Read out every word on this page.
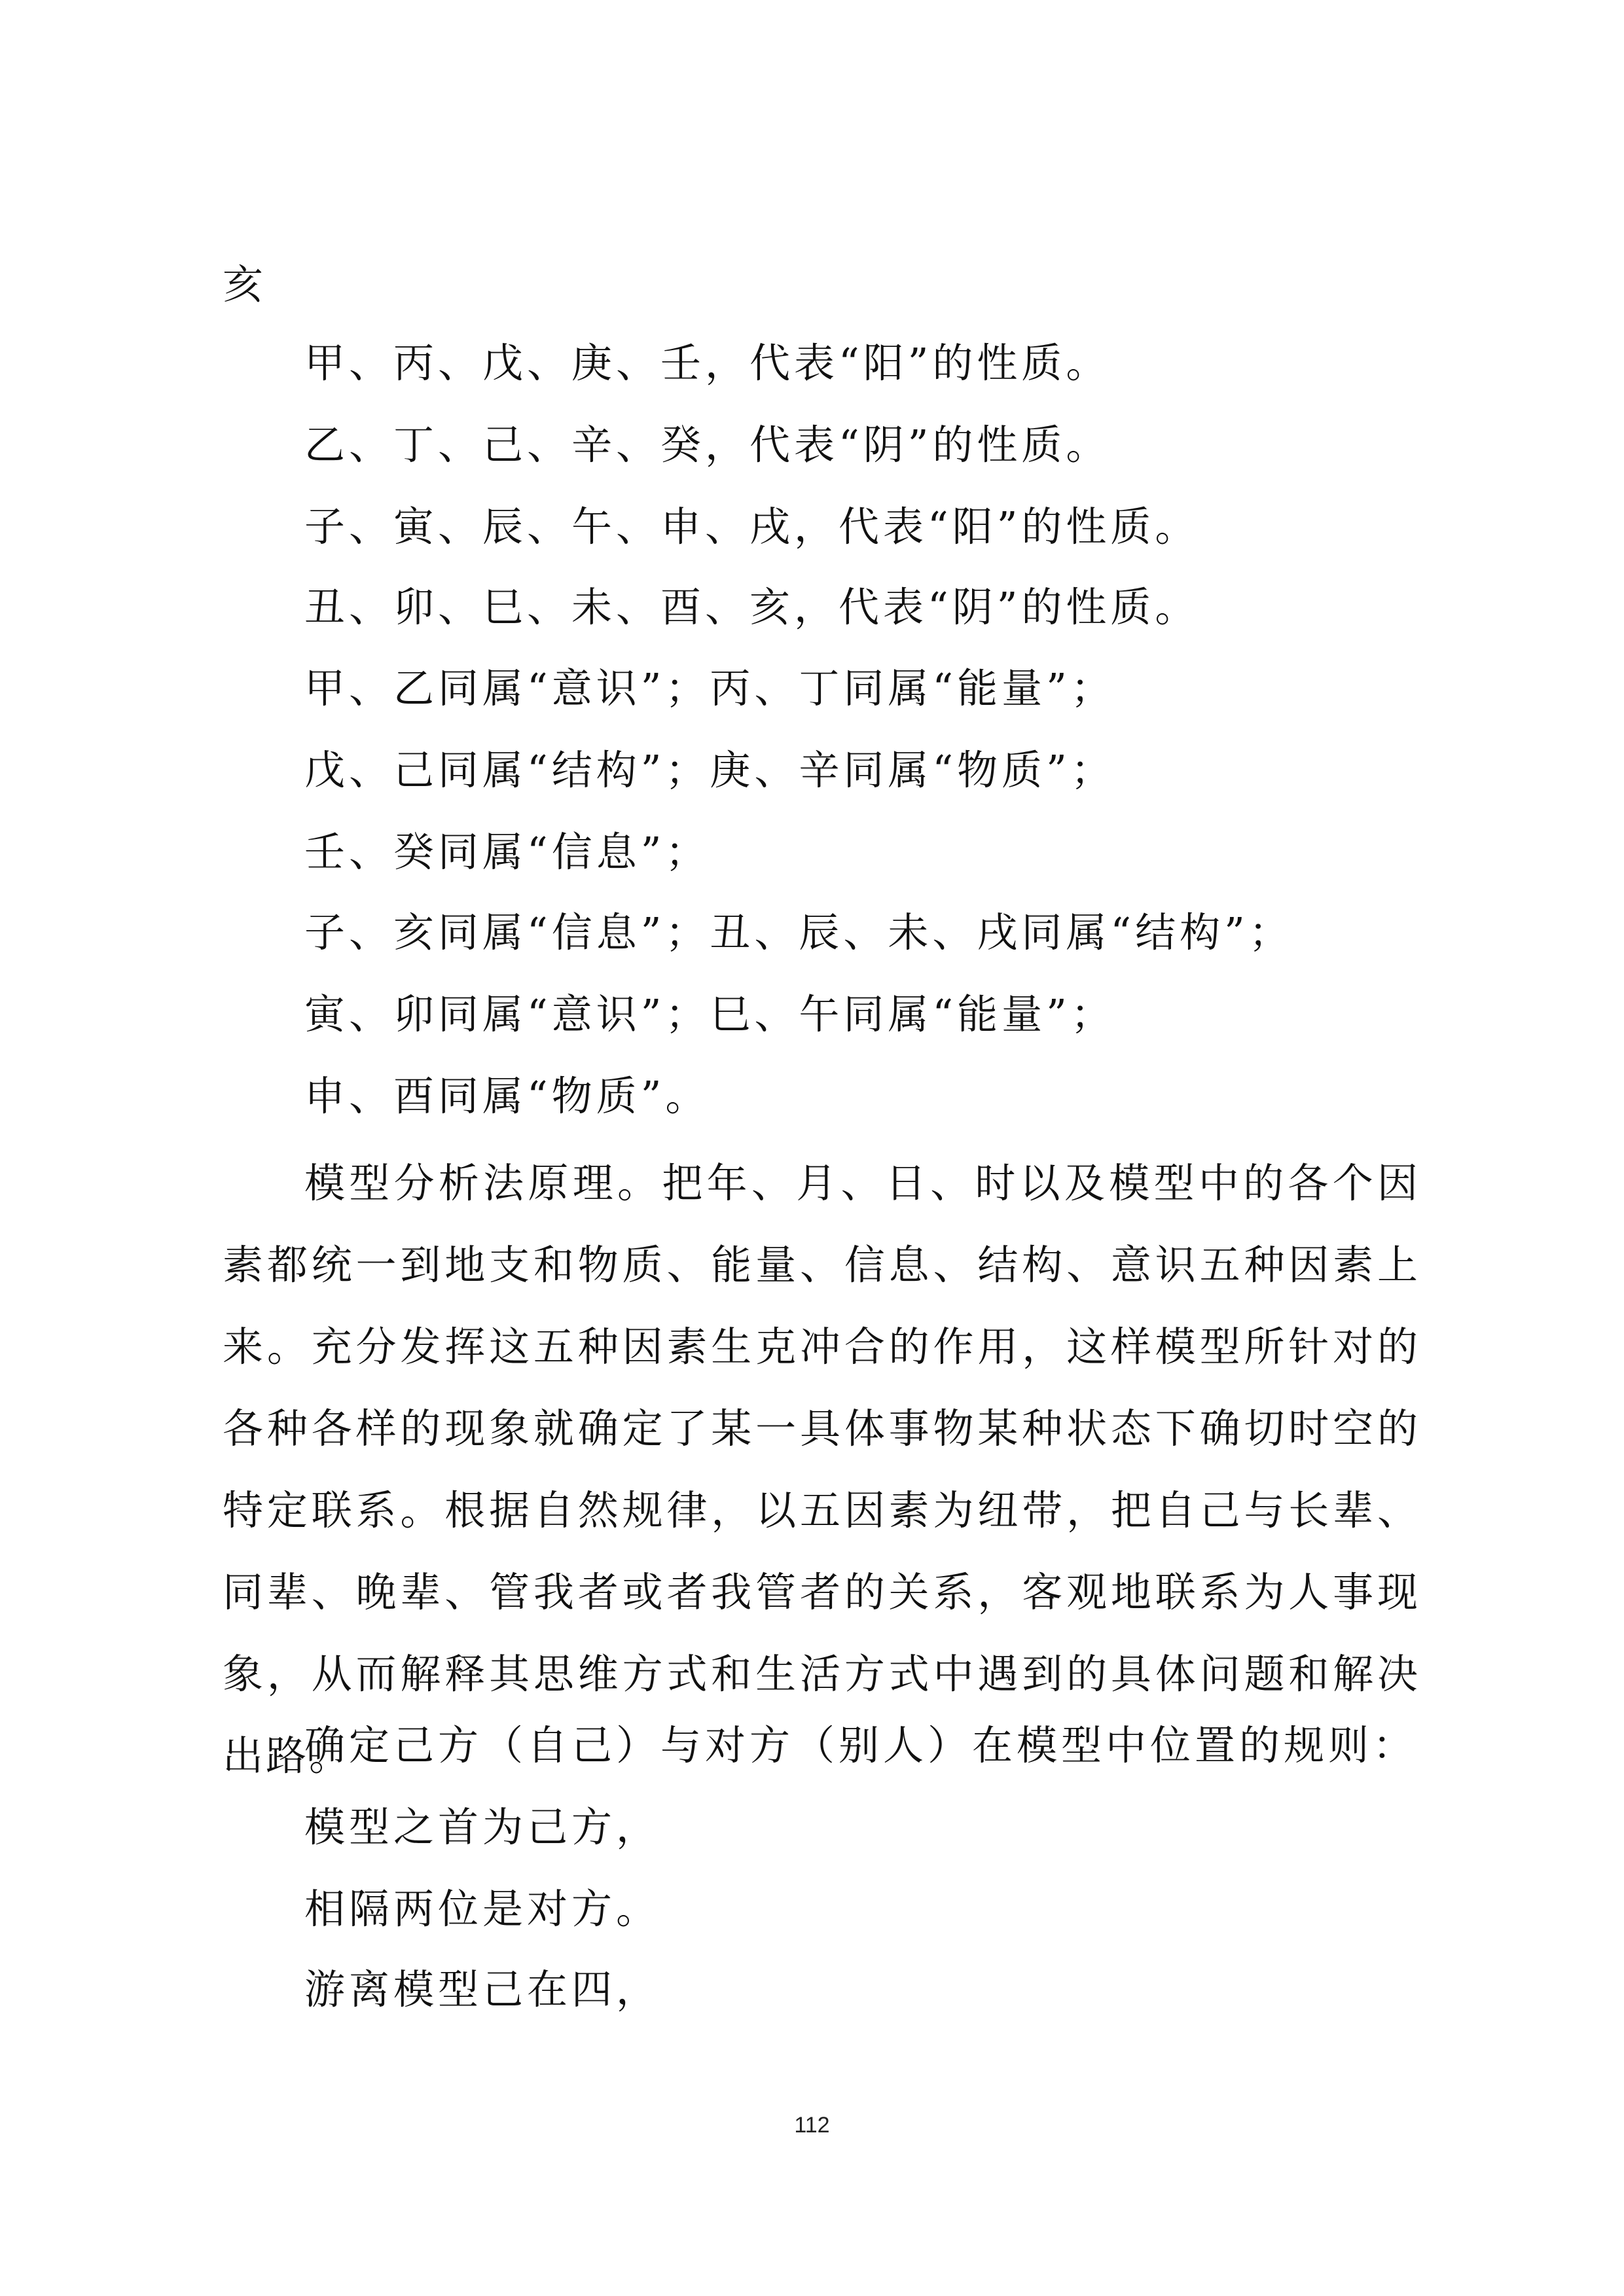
亥
甲、丙、戊、庚、壬，代表“阳”的性质。
乙、丁、己、辛、癸，代表“阴”的性质。
子、寅、辰、午、申、戌，代表“阳”的性质。
丑、卯、巳、未、酉、亥，代表“阴”的性质。
甲、乙同属“意识”；丙、丁同属“能量”；
戊、己同属“结构”；庚、辛同属“物质”；
壬、癸同属“信息”；
子、亥同属“信息”；丑、辰、未、戌同属“结构”；
寅、卯同属“意识”；巳、午同属“能量”；
申、酉同属“物质”。
模型分析法原理。把年、月、日、时以及模型中的各个因素都统一到地支和物质、能量、信息、结构、意识五种因素上来。充分发挥这五种因素生克冲合的作用，这样模型所针对的各种各样的现象就确定了某一具体事物某种状态下确切时空的特定联系。根据自然规律，以五因素为纽带，把自己与长辈、同辈、晚辈、管我者或者我管者的关系，客观地联系为人事现象，从而解释其思维方式和生活方式中遇到的具体问题和解决出路。
确定己方（自己）与对方（别人）在模型中位置的规则：
模型之首为己方，
相隔两位是对方。
游离模型己在四，
112
